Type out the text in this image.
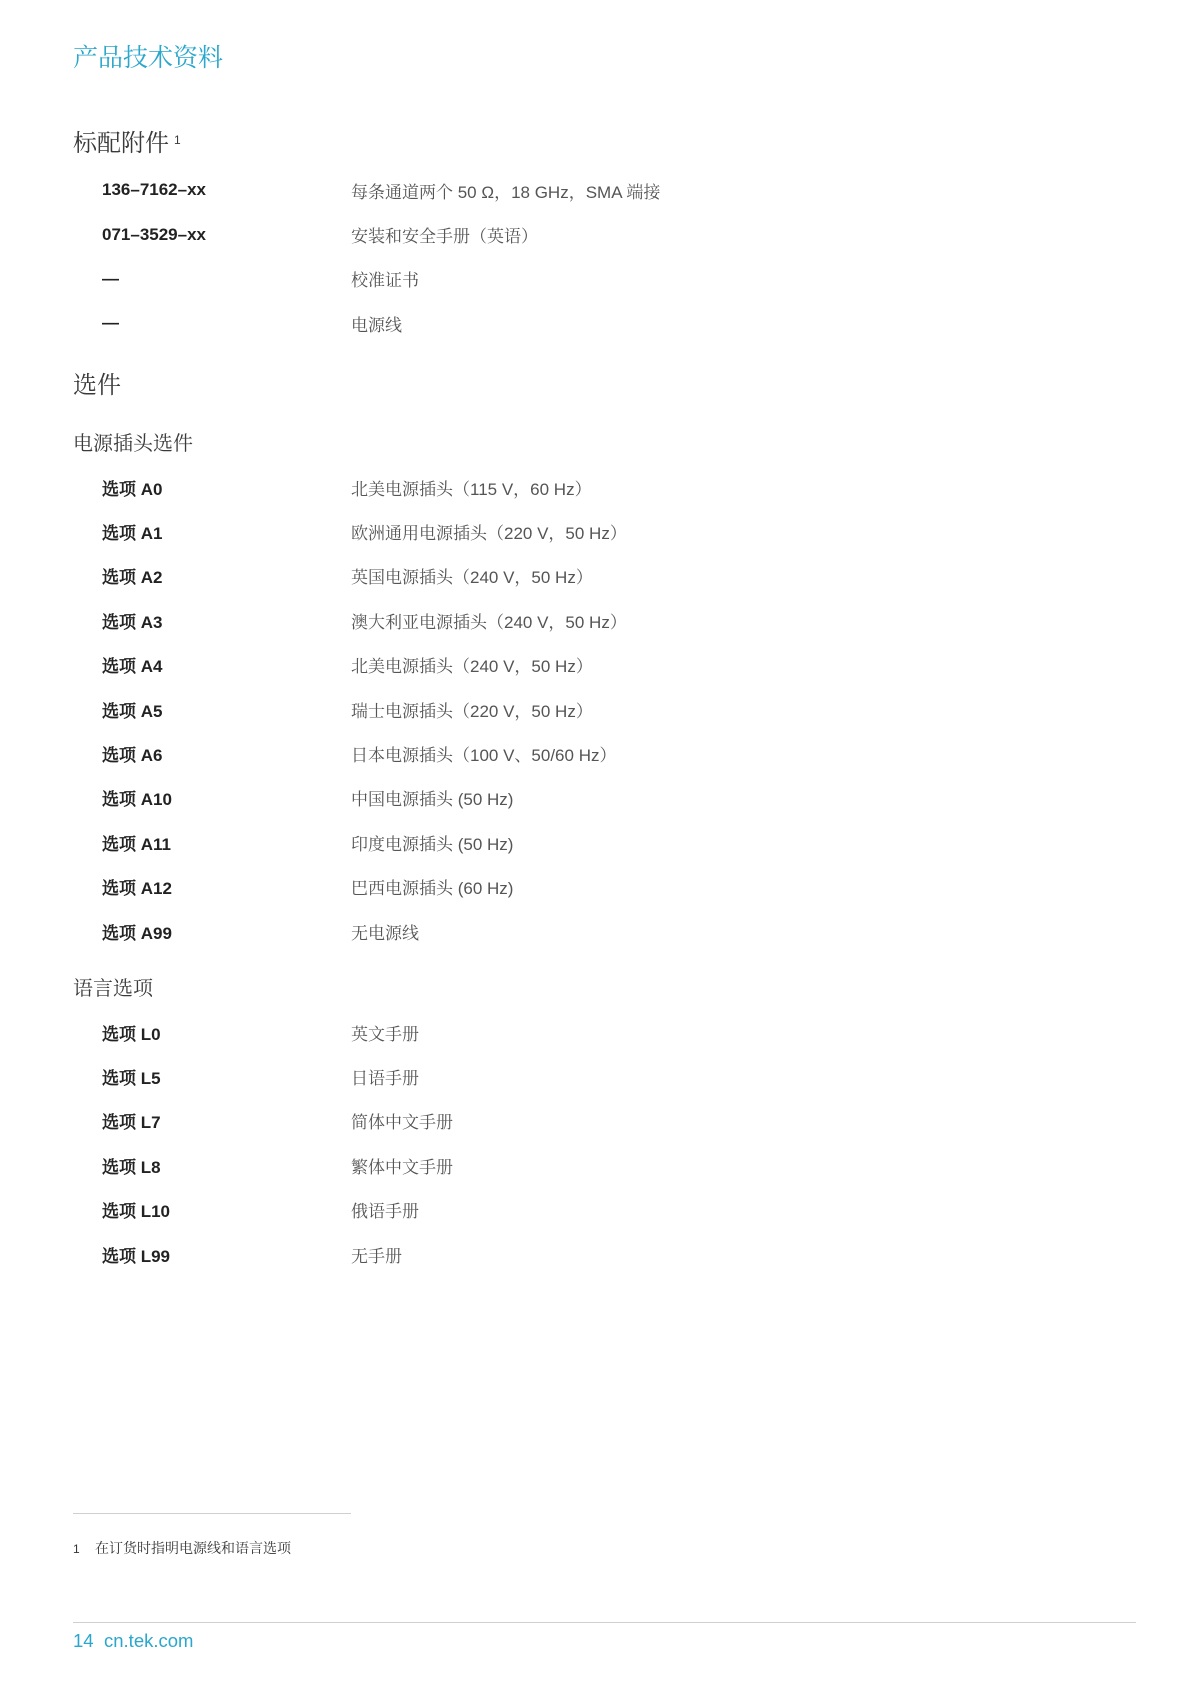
产品技术资料
标配附件 $^1$
136–7162–xx	每条通道两个 50 Ω，18 GHz，SMA 端接
071–3529–xx	安装和安全手册（英语）
—	校准证书
—	电源线
选件
电源插头选件
选项 A0	北美电源插头（115 V，60 Hz）
选项 A1	欧洲通用电源插头（220 V，50 Hz）
选项 A2	英国电源插头（240 V，50 Hz）
选项 A3	澳大利亚电源插头（240 V，50 Hz）
选项 A4	北美电源插头（240 V，50 Hz）
选项 A5	瑞士电源插头（220 V，50 Hz）
选项 A6	日本电源插头（100 V、50/60 Hz）
选项 A10	中国电源插头 (50 Hz)
选项 A11	印度电源插头 (50 Hz)
选项 A12	巴西电源插头 (60 Hz)
选项 A99	无电源线
语言选项
选项 L0	英文手册
选项 L5	日语手册
选项 L7	简体中文手册
选项 L8	繁体中文手册
选项 L10	俄语手册
选项 L99	无手册
1 在订货时指明电源线和语言选项
14 cn.tek.com
